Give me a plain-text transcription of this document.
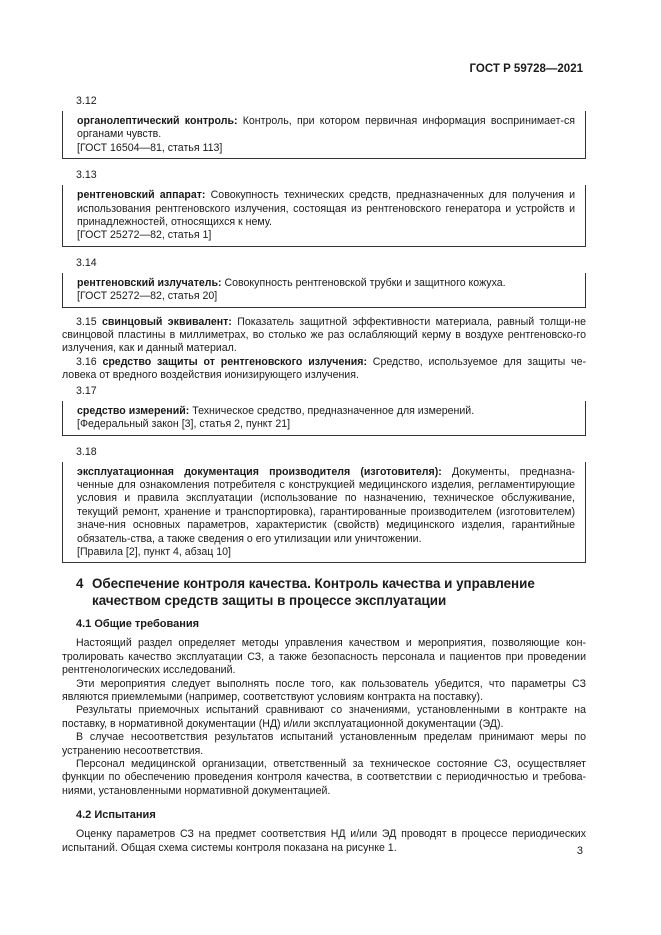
ГОСТ Р 59728—2021
3.12

органолептический контроль: Контроль, при котором первичная информация воспринимает-ся органами чувств.

[ГОСТ 16504—81, статья 113]

3.13

рентгеновский аппарат: Совокупность технических средств, предназначенных для получения и использования рентгеновского излучения, состоящая из рентгеновского генератора и устройств и принадлежностей, относящихся к нему.

[ГОСТ 25272—82, статья 1]

3.14

рентгеновский излучатель: Совокупность рентгеновской трубки и защитного кожуха.

[ГОСТ 25272—82, статья 20]

3.15 свинцовый эквивалент: Показатель защитной эффективности материала, равный толщи-не свинцовой пластины в миллиметрах, во столько же раз ослабляющий керму в воздухе рентгеновско-го излучения, как и данный материал.

3.16 средство защиты от рентгеновского излучения: Средство, используемое для защиты че-ловека от вредного воздействия ионизирующего излучения.

3.17

средство измерений: Техническое средство, предназначенное для измерений.

[Федеральный закон [3], статья 2, пункт 21]

3.18

эксплуатационная документация производителя (изготовителя): Документы, предназна-ченные для ознакомления потребителя с конструкцией медицинского изделия, регламентирующие условия и правила эксплуатации (использование по назначению, техническое обслуживание, текущий ремонт, хранение и транспортировка), гарантированные производителем (изготовителем) значе-ния основных параметров, характеристик (свойств) медицинского изделия, гарантийные обязатель-ства, а также сведения о его утилизации или уничтожении.

[Правила [2], пункт 4, абзац 10]

4 Обеспечение контроля качества. Контроль качества и управление качеством средств защиты в процессе эксплуатации
4.1 Общие требования

Настоящий раздел определяет методы управления качеством и мероприятия, позволяющие кон-тролировать качество эксплуатации СЗ, а также безопасность персонала и пациентов при проведении рентгенологических исследований.

Эти мероприятия следует выполнять после того, как пользователь убедится, что параметры СЗ являются приемлемыми (например, соответствуют условиям контракта на поставку).

Результаты приемочных испытаний сравнивают со значениями, установленными в контракте на поставку, в нормативной документации (НД) и/или эксплуатационной документации (ЭД).

В случае несоответствия результатов испытаний установленным пределам принимают меры по устранению несоответствия.

Персонал медицинской организации, ответственный за техническое состояние СЗ, осуществляет функции по обеспечению проведения контроля качества, в соответствии с периодичностью и требова-ниями, установленными нормативной документацией.

4.2 Испытания

Оценку параметров СЗ на предмет соответствия НД и/или ЭД проводят в процессе периодических испытаний. Общая схема системы контроля показана на рисунке 1.	3
